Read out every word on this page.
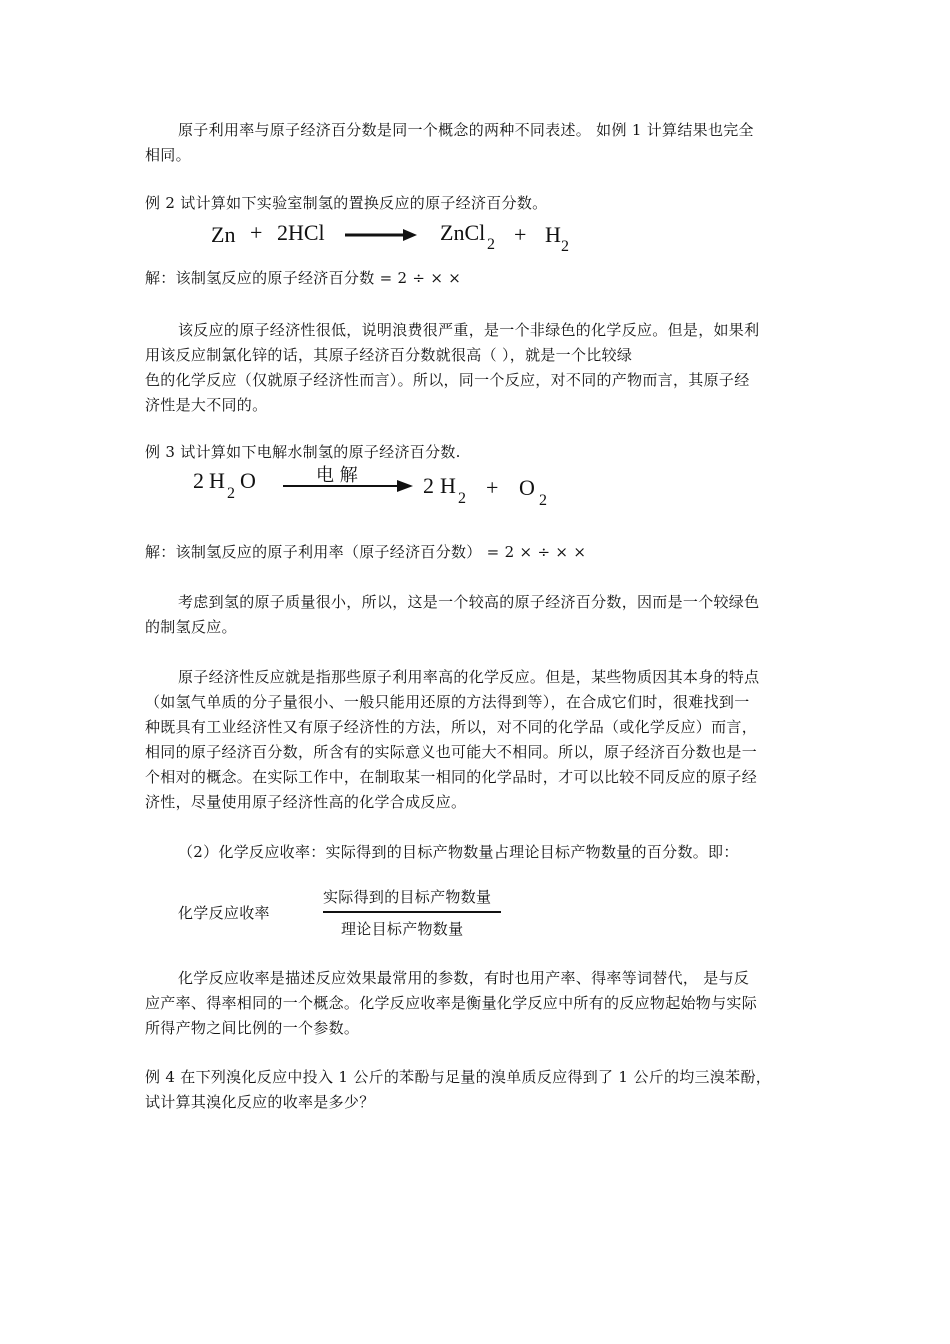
原子利用率与原子经济百分数是同一个概念的两种不同表述。 如例 1 计算结果也完全
相同。
例 2 试计算如下实验室制氢的置换反应的原子经济百分数。
Zn + 2HCl	ZnCl 2 + H 2
解：该制氢反应的原子经济百分数 = 2 ÷ × ×
该反应的原子经济性很低，说明浪费很严重，是一个非绿色的化学反应。但是，如果利
用该反应制氯化锌的话，其原子经济百分数就很高（ ），就是一个比较绿
色的化学反应（仅就原子经济性而言）。所以，同一个反应，对不同的产物而言，其原子经
济性是大不同的。
例 3 试计算如下电解水制氢的原子经济百分数.
2 H
2
O	电 解	2 H
2 + O
2
解：该制氢反应的原子利用率（原子经济百分数） = 2 × ÷ × ×
考虑到氢的原子质量很小，所以，这是一个较高的原子经济百分数，因而是一个较绿色
的制氢反应。
原子经济性反应就是指那些原子利用率高的化学反应。但是，某些物质因其本身的特点
（如氢气单质的分子量很小、一般只能用还原的方法得到等），在合成它们时，很难找到一
种既具有工业经济性又有原子经济性的方法，所以，对不同的化学品（或化学反应）而言，
相同的原子经济百分数，所含有的实际意义也可能大不相同。所以，原子经济百分数也是一
个相对的概念。在实际工作中，在制取某一相同的化学品时，才可以比较不同反应的原子经
济性，尽量使用原子经济性高的化学合成反应。
（2）化学反应收率：实际得到的目标产物数量占理论目标产物数量的百分数。即：
化学反应收率
实际得到的目标产物数量
理论目标产物数量
化学反应收率是描述反应效果最常用的参数，有时也用产率、得率等词替代， 是与反
应产率、得率相同的一个概念。化学反应收率是衡量化学反应中所有的反应物起始物与实际
所得产物之间比例的一个参数。
例 4 在下列溴化反应中投入 1 公斤的苯酚与足量的溴单质反应得到了 1 公斤的均三溴苯酚，
试计算其溴化反应的收率是多少？
